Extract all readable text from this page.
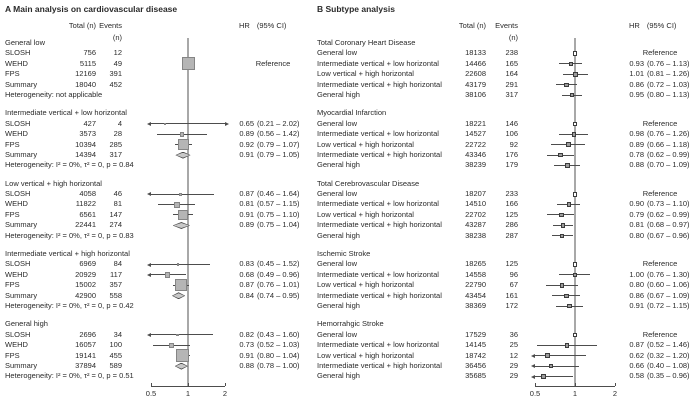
A Main analysis on cardiovascular disease
Total (n) Events (n)
HR (95% CI)
General low
SLOSH	756	12
WEHD	5115	49	Reference
FPS	12169	391
Summary	18040	452
Heterogeneity: not applicable
Intermediate vertical + low horizontal
SLOSH	427	4	0.65 (0.21 – 2.02)
WEHD	3573	28	0.89 (0.56 – 1.42)
FPS	10394	285	0.92 (0.79 – 1.07)
Summary	14394	317	0.91 (0.79 – 1.05)
Heterogeneity: I² = 0%, τ² = 0, p = 0.84
Low vertical + high horizontal
SLOSH	4058	46	0.87 (0.46 – 1.64)
WEHD	11822	81	0.81 (0.57 – 1.15)
FPS	6561	147	0.91 (0.75 – 1.10)
Summary	22441	274	0.89 (0.75 – 1.04)
Heterogeneity: I² = 0%, τ² = 0, p = 0.83
Intermediate vertical + high horizontal
SLOSH	6969	84	0.83 (0.45 – 1.52)
WEHD	20929	117	0.68 (0.49 – 0.96)
FPS	15002	357	0.87 (0.76 – 1.01)
Summary	42900	558	0.84 (0.74 – 0.95)
Heterogeneity: I² = 0%, τ² = 0, p = 0.42
General high
SLOSH	2696	34	0.82 (0.43 – 1.60)
WEHD	16057	100	0.73 (0.52 – 1.03)
FPS	19141	455	0.91 (0.80 – 1.04)
Summary	37894	589	0.88 (0.78 – 1.00)
Heterogeneity: I² = 0%, τ² = 0, p = 0.51
0.5	1	2
B Subtype analysis
Total (n)	Events (n)
HR (95% CI)
Total Coronary Heart Disease
General low	18133	238	Reference
Intermediate vertical + low horizontal	14466	165	0.93 (0.76 – 1.13)
Low vertical + high horizontal	22608	164	1.01 (0.81 – 1.26)
Intermediate vertical + high horizontal	43179	291	0.86 (0.72 – 1.03)
General high	38106	317	0.95 (0.80 – 1.13)
Myocardial Infarction
General low	18221	146	Reference
Intermediate vertical + low horizontal	14527	106	0.98 (0.76 – 1.26)
Low vertical + high horizontal	22722	92	0.89 (0.66 – 1.18)
Intermediate vertical + high horizontal	43346	176	0.78 (0.62 – 0.99)
General high	38239	179	0.88 (0.70 – 1.09)
Total Cerebrovascular Disease
General low	18207	233	Reference
Intermediate vertical + low horizontal	14510	166	0.90 (0.73 – 1.10)
Low vertical + high horizontal	22702	125	0.79 (0.62 – 0.99)
Intermediate vertical + high horizontal	43287	286	0.81 (0.68 – 0.97)
General high	38238	287	0.80 (0.67 – 0.96)
Ischemic Stroke
General low	18265	125	Reference
Intermediate vertical + low horizontal	14558	96	1.00 (0.76 – 1.30)
Low vertical + high horizontal	22790	67	0.80 (0.60 – 1.06)
Intermediate vertical + high horizontal	43454	161	0.86 (0.67 – 1.09)
General high	38369	172	0.91 (0.72 – 1.15)
Hemorrahgic Stroke
General low	17529	36	Reference
Intermediate vertical + low horizontal	14145	25	0.87 (0.52 – 1.46)
Low vertical + high horizontal	18742	12	0.62 (0.32 – 1.20)
Intermediate vertical + high horizontal	36456	29	0.66 (0.40 – 1.08)
General high	35685	29	0.58 (0.35 – 0.96)
0.5	1	2
